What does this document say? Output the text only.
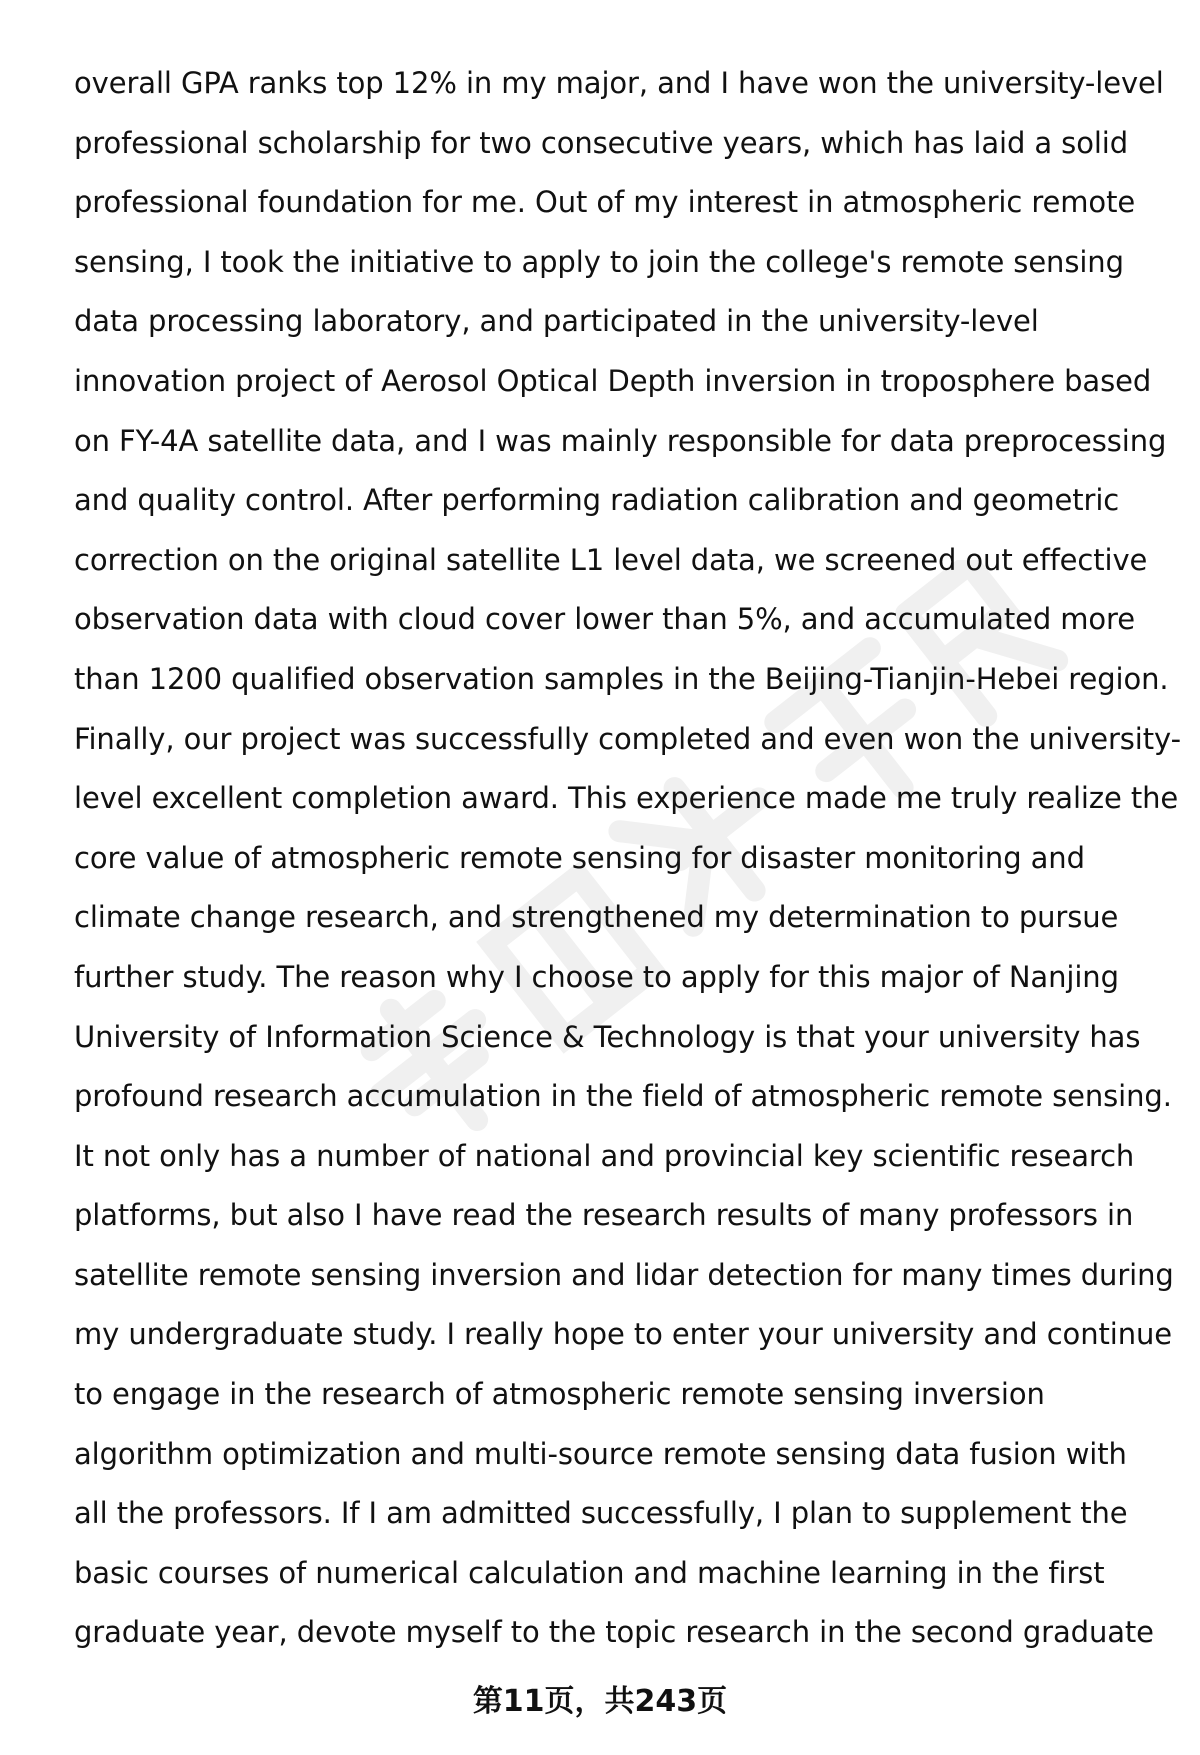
overall GPA ranks top 12% in my major, and I have won the university-level
professional scholarship for two consecutive years, which has laid a solid
professional foundation for me. Out of my interest in atmospheric remote
sensing, I took the initiative to apply to join the college's remote sensing
data processing laboratory, and participated in the university-level
innovation project of Aerosol Optical Depth inversion in troposphere based
on FY-4A satellite data, and I was mainly responsible for data preprocessing
and quality control. After performing radiation calibration and geometric
correction on the original satellite L1 level data, we screened out effective
observation data with cloud cover lower than 5%, and accumulated more
than 1200 qualified observation samples in the Beijing-Tianjin-Hebei region.
Finally, our project was successfully completed and even won the university-
level excellent completion award. This experience made me truly realize the
core value of atmospheric remote sensing for disaster monitoring and
climate change research, and strengthened my determination to pursue
further study. The reason why I choose to apply for this major of Nanjing
University of Information Science & Technology is that your university has
profound research accumulation in the field of atmospheric remote sensing.
It not only has a number of national and provincial key scientific research
platforms, but also I have read the research results of many professors in
satellite remote sensing inversion and lidar detection for many times during
my undergraduate study. I really hope to enter your university and continue
to engage in the research of atmospheric remote sensing inversion
algorithm optimization and multi-source remote sensing data fusion with
all the professors. If I am admitted successfully, I plan to supplement the
basic courses of numerical calculation and machine learning in the first
graduate year, devote myself to the topic research in the second graduate
第11页，共243页
